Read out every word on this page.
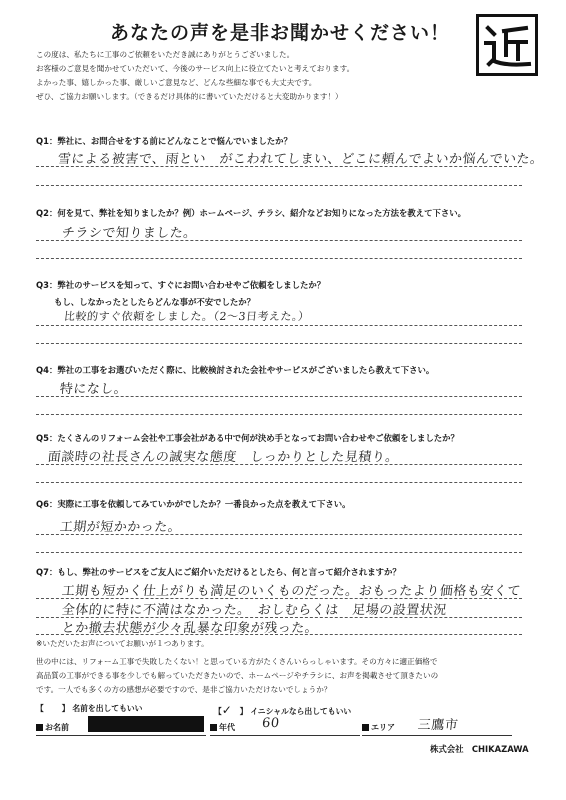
あなたの声を是非お聞かせください！
この度は、私たちに工事のご依頼をいただき誠にありがとうございました。
お客様のご意見を聞かせていただいて、今後のサービス向上に役立てたいと考えております。
よかった事、嬉しかった事、厳しいご意見など、どんな些細な事でも大丈夫です。
ぜひ、ご協力お願いします。（できるだけ具体的に書いていただけると大変助かります！）
Q1：弊社に、お問合せをする前にどんなことで悩んでいましたか？
雪による被害で、雨とい　がこわれてしまい、どこに頼んでよいか悩んでいた。
Q2：何を見て、弊社を知りましたか？例）ホームページ、チラシ、紹介などお知りになった方法を教えて下さい。
チラシで知りました。
Q3：弊社のサービスを知って、すぐにお問い合わせやご依頼をしましたか？
もし、しなかったとしたらどんな事が不安でしたか？
比較的すぐ依頼をしました。（2〜3日考えた。）
Q4：弊社の工事をお選びいただく際に、比較検討された会社やサービスがございましたら教えて下さい。
特になし。
Q5：たくさんのリフォーム会社や工事会社がある中で何が決め手となってお問い合わせやご依頼をしましたか？
面談時の社長さんの誠実な態度　しっかりとした見積り。
Q6：実際に工事を依頼してみていかがでしたか？一番良かった点を教えて下さい。
工期が短かかった。
Q7：もし、弊社のサービスをご友人にご紹介いただけるとしたら、何と言って紹介されますか？
工期も短かく仕上がりも満足のいくものだった。おもったより価格も安くて
全体的に特に不満はなかった。　おしむらくは　足場の設置状況
とか撤去状態が少々乱暴な印象が残った。
※いただいたお声についてお願いが１つあります。
世の中には、リフォーム工事で失敗したくない！と思っている方がたくさんいらっしゃいます。その方々に適正価格で
高品質の工事ができる事を少しでも解っていただきたいので、ホームページやチラシに、お声を掲載させて頂きたいの
です。一人でも多くの方の感想が必要ですので、是非ご協力いただけないでしょうか？
【 】 名前を出してもいい	【✓ 】 イニシャルなら出してもいい
お名前	年代 60	エリア 三鷹市
株式会社　CHIKAZAWA
